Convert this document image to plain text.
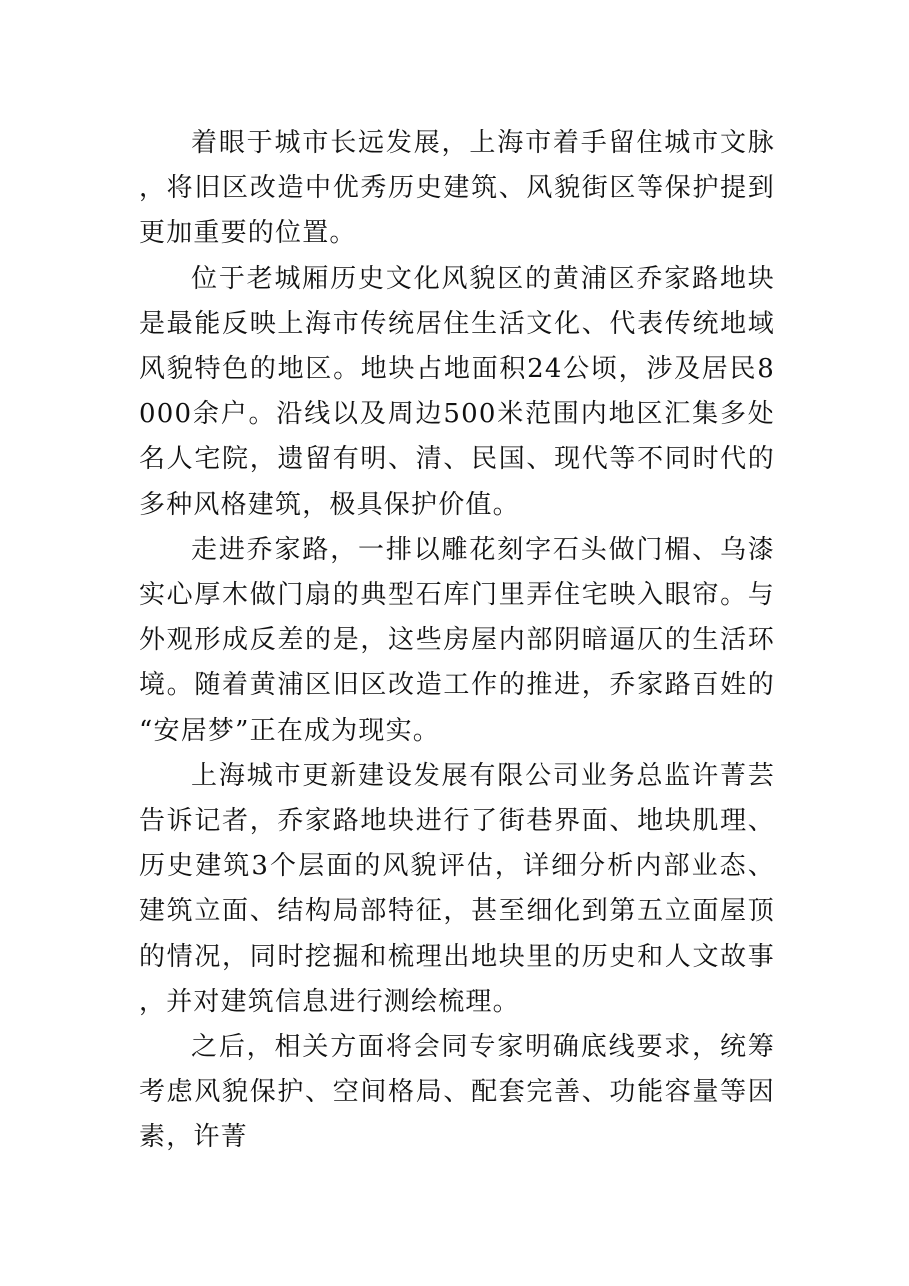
着眼于城市长远发展，上海市着手留住城市文脉，将旧区改造中优秀历史建筑、风貌街区等保护提到更加重要的位置。

位于老城厢历史文化风貌区的黄浦区乔家路地块是最能反映上海市传统居住生活文化、代表传统地域风貌特色的地区。地块占地面积24公顷，涉及居民8000余户。沿线以及周边500米范围内地区汇集多处名人宅院，遗留有明、清、民国、现代等不同时代的多种风格建筑，极具保护价值。

走进乔家路，一排以雕花刻字石头做门楣、乌漆实心厚木做门扇的典型石库门里弄住宅映入眼帘。与外观形成反差的是，这些房屋内部阴暗逼仄的生活环境。随着黄浦区旧区改造工作的推进，乔家路百姓的“安居梦”正在成为现实。

上海城市更新建设发展有限公司业务总监许菁芸告诉记者，乔家路地块进行了街巷界面、地块肌理、历史建筑3个层面的风貌评估，详细分析内部业态、建筑立面、结构局部特征，甚至细化到第五立面屋顶的情况，同时挖掘和梳理出地块里的历史和人文故事，并对建筑信息进行测绘梳理。

之后，相关方面将会同专家明确底线要求，统筹考虑风貌保护、空间格局、配套完善、功能容量等因素，许菁
